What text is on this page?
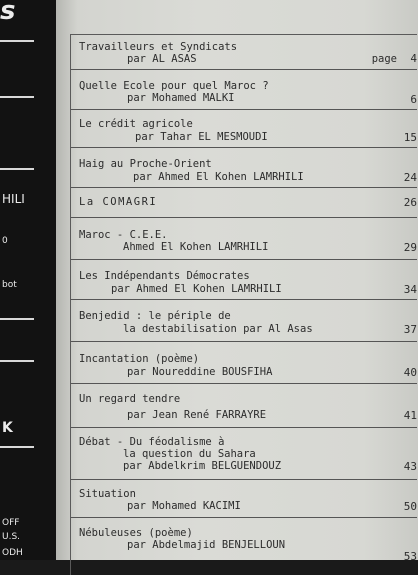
s
HILI
0
bot
K
OFF
U.S.
ODH
Travailleurs et Syndicats
par AL ASAS	page 4
Quelle Ecole pour quel Maroc ?
par Mohamed MALKI	6
Le crédit agricole
par Tahar EL MESMOUDI	15
Haig au Proche-Orient
par Ahmed El Kohen LAMRHILI	24
La COMAGRI	26
Maroc - C.E.E.
Ahmed El Kohen LAMRHILI	29
Les Indépendants Démocrates
par Ahmed El Kohen LAMRHILI	34
Benjedid : le périple de
la destabilisation par Al Asas	37
Incantation (poème)
par Noureddine BOUSFIHA	40
Un regard tendre
par Jean René FARRAYRE	41
Débat - Du féodalisme à
la question du Sahara
par Abdelkrim BELGUENDOUZ	43
Situation
par Mohamed KACIMI	50
Nébuleuses (poème)
par Abdelmajid BENJELLOUN
53
